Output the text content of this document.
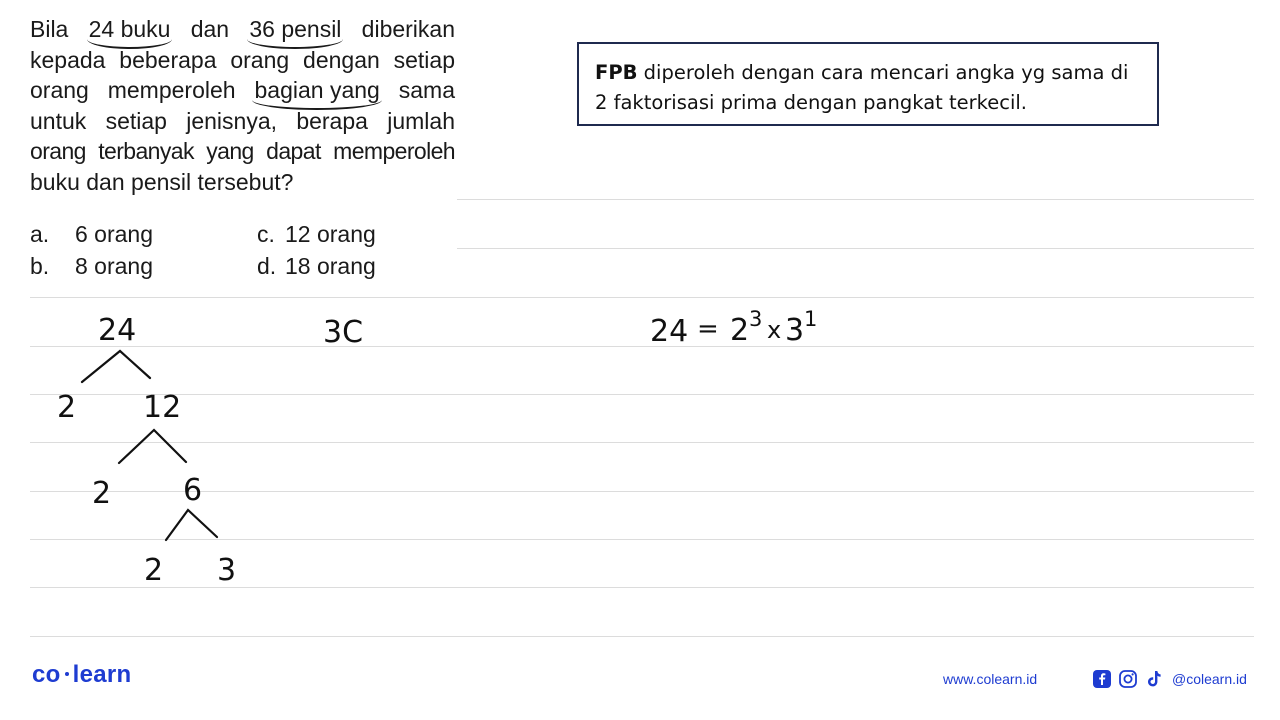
Bila 24 buku dan 36 pensil diberikan
kepada beberapa orang dengan setiap
orang memperoleh bagian yang sama
untuk setiap jenisnya, berapa jumlah
orang terbanyak yang dapat memperoleh
buku dan pensil tersebut?
a. 6 orang
b. 8 orang
c. 12 orang
d. 18 orang
FPB diperoleh dengan cara mencari angka yg sama di 2 faktorisasi prima dengan pangkat terkecil.
24
2 12
2 6
2 3
3C	24 = 2 3 x 3 1
co learn	www.colearn.id	@colearn.id
